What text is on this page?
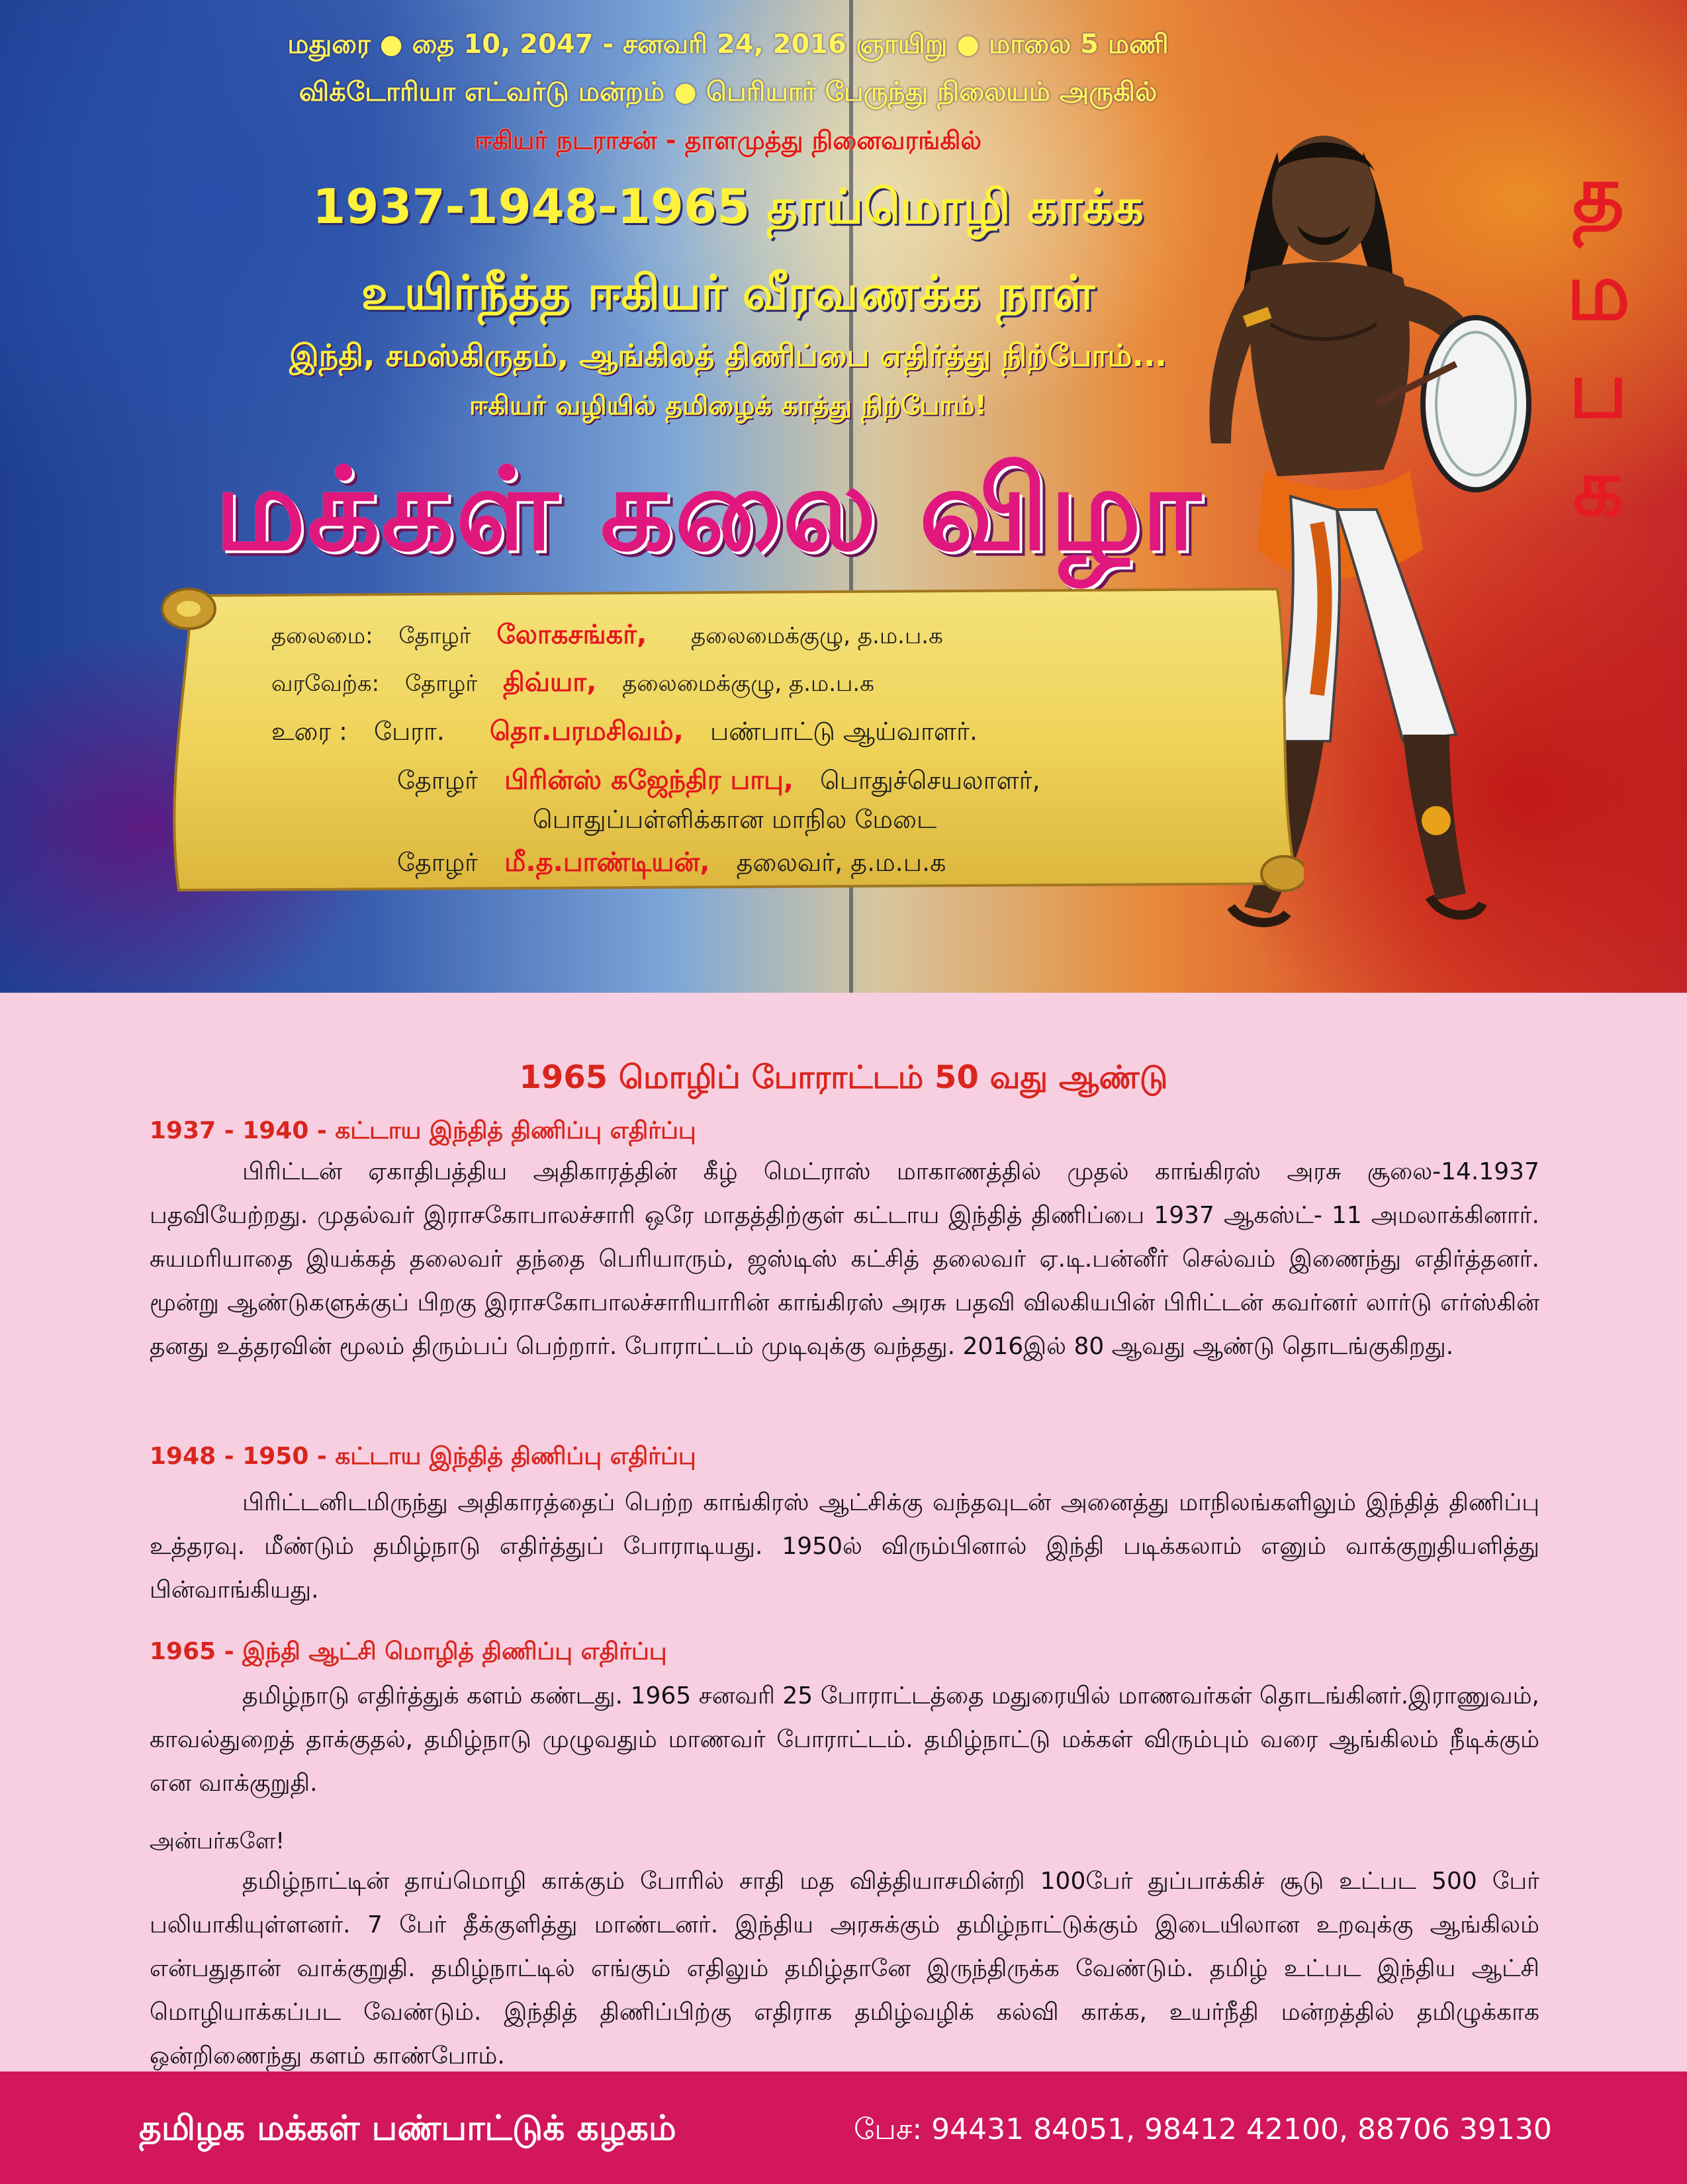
மதுரை ● தை 10, 2047 - சனவரி 24, 2016 ஞாயிறு ● மாலை 5 மணி
விக்டோரியா எட்வர்டு மன்றம் ● பெரியார் பேருந்து நிலையம் அருகில்
ஈகியர் நடராசன் - தாளமுத்து நினைவரங்கில்
1937-1948-1965 தாய்மொழி காக்க
உயிர்நீத்த ஈகியர் வீரவணக்க நாள்
இந்தி, சமஸ்கிருதம், ஆங்கிலத் திணிப்பை எதிர்த்து நிற்போம்...
ஈகியர் வழியில் தமிழைக் காத்து நிற்போம்!
மக்கள் கலை விழா
த
ம
ப
க
தலைமை: தோழர் லோகசங்கர், தலைமைக்குழு, த.ம.ப.க
வரவேற்க: தோழர் திவ்யா, தலைமைக்குழு, த.ம.ப.க
உரை : பேரா. தொ.பரமசிவம், பண்பாட்டு ஆய்வாளர்.
தோழர் பிரின்ஸ் கஜேந்திர பாபு, பொதுச்செயலாளர்,
பொதுப்பள்ளிக்கான மாநில மேடை
தோழர் மீ.த.பாண்டியன், தலைவர், த.ம.ப.க
1965 மொழிப் போராட்டம் 50 வது ஆண்டு
1937 - 1940 - கட்டாய இந்தித் திணிப்பு எதிர்ப்பு

பிரிட்டன் ஏகாதிபத்திய அதிகாரத்தின் கீழ் மெட்ராஸ் மாகாணத்தில் முதல் காங்கிரஸ் அரசு சூலை-14.1937 பதவியேற்றது. முதல்வர் இராசகோபாலச்சாரி ஒரே மாதத்திற்குள் கட்டாய இந்தித் திணிப்பை 1937 ஆகஸ்ட்- 11 அமலாக்கினார். சுயமரியாதை இயக்கத் தலைவர் தந்தை பெரியாரும், ஜஸ்டிஸ் கட்சித் தலைவர் ஏ.டி.பன்னீர் செல்வம் இணைந்து எதிர்த்தனர். மூன்று ஆண்டுகளுக்குப் பிறகு இராசகோபாலச்சாரியாரின் காங்கிரஸ் அரசு பதவி விலகியபின் பிரிட்டன் கவர்னர் லார்டு எர்ஸ்கின் தனது உத்தரவின் மூலம் திரும்பப் பெற்றார். போராட்டம் முடிவுக்கு வந்தது. 2016இல் 80 ஆவது ஆண்டு தொடங்குகிறது.

1948 - 1950 - கட்டாய இந்தித் திணிப்பு எதிர்ப்பு

பிரிட்டனிடமிருந்து அதிகாரத்தைப் பெற்ற காங்கிரஸ் ஆட்சிக்கு வந்தவுடன் அனைத்து மாநிலங்களிலும் இந்தித் திணிப்பு உத்தரவு. மீண்டும் தமிழ்நாடு எதிர்த்துப் போராடியது. 1950ல் விரும்பினால் இந்தி படிக்கலாம் எனும் வாக்குறுதியளித்து பின்வாங்கியது.

1965 - இந்தி ஆட்சி மொழித் திணிப்பு எதிர்ப்பு

தமிழ்நாடு எதிர்த்துக் களம் கண்டது. 1965 சனவரி 25 போராட்டத்தை மதுரையில் மாணவர்கள் தொடங்கினர்.இராணுவம், காவல்துறைத் தாக்குதல், தமிழ்நாடு முழுவதும் மாணவர் போராட்டம். தமிழ்நாட்டு மக்கள் விரும்பும் வரை ஆங்கிலம் நீடிக்கும் என வாக்குறுதி.

அன்பர்களே!

தமிழ்நாட்டின் தாய்மொழி காக்கும் போரில் சாதி மத வித்தியாசமின்றி 100பேர் துப்பாக்கிச் சூடு உட்பட 500 பேர் பலியாகியுள்ளனர். 7 பேர் தீக்குளித்து மாண்டனர். இந்திய அரசுக்கும் தமிழ்நாட்டுக்கும் இடையிலான உறவுக்கு ஆங்கிலம் என்பதுதான் வாக்குறுதி. தமிழ்நாட்டில் எங்கும் எதிலும் தமிழ்தானே இருந்திருக்க வேண்டும். தமிழ் உட்பட இந்திய ஆட்சி மொழியாக்கப்பட வேண்டும். இந்தித் திணிப்பிற்கு எதிராக தமிழ்வழிக் கல்வி காக்க, உயர்நீதி மன்றத்தில் தமிழுக்காக ஒன்றிணைந்து களம் காண்போம்.

தமிழக மக்கள் பண்பாட்டுக் கழகம்	பேச: 94431 84051, 98412 42100, 88706 39130
